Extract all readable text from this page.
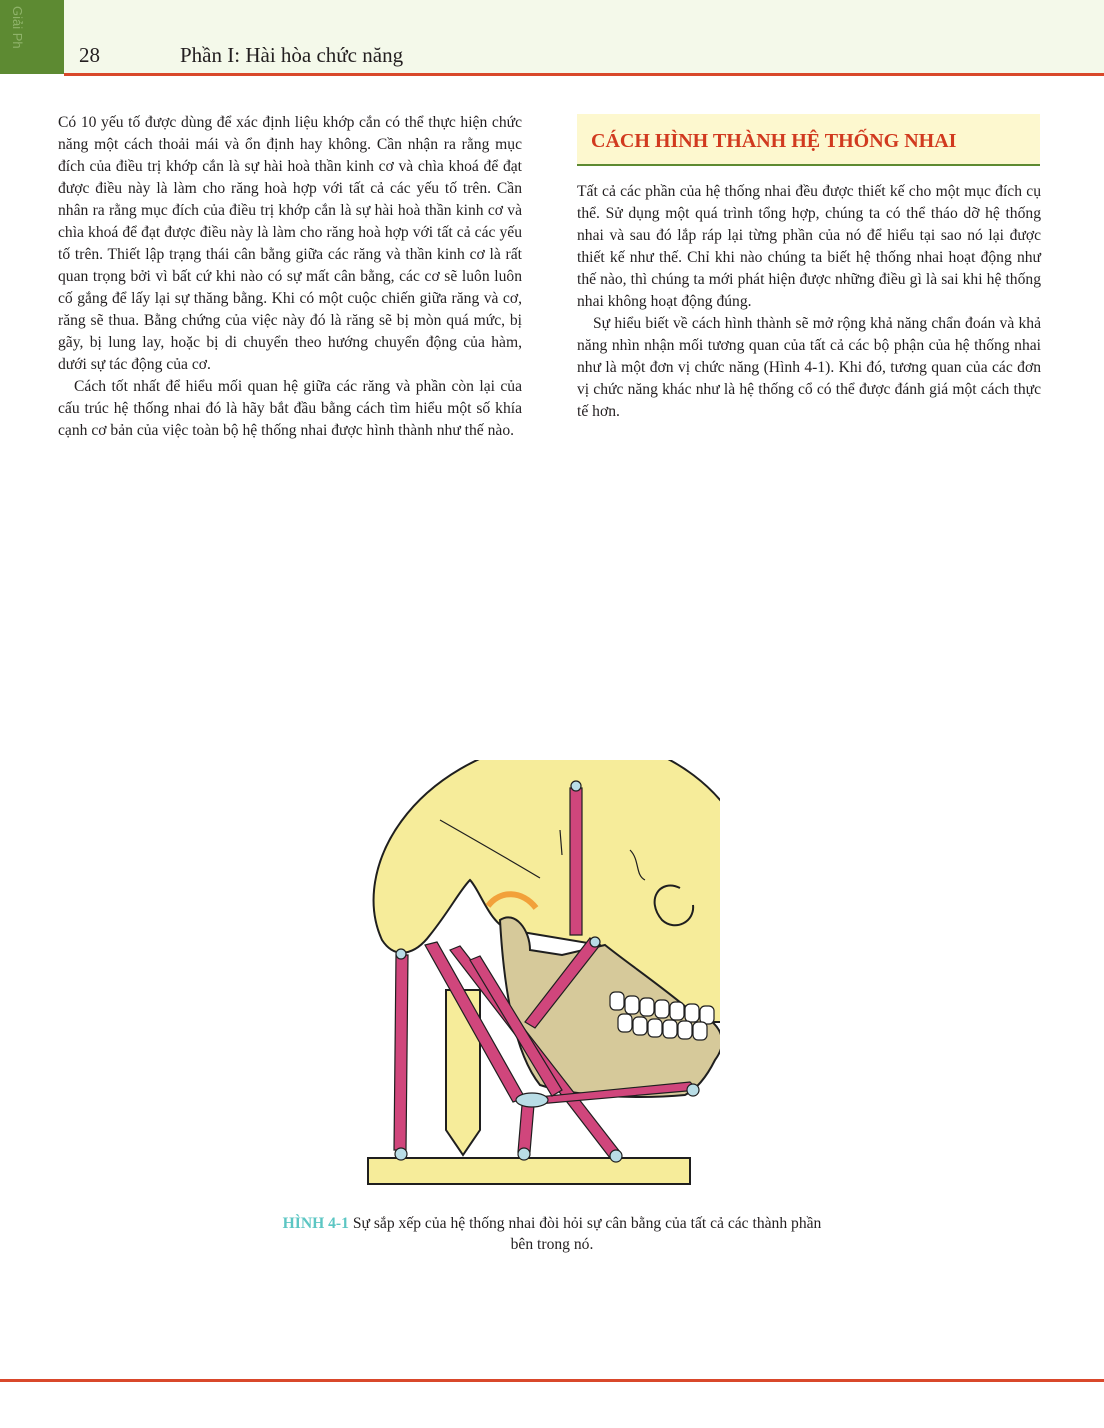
Giải Ph
28	Phần I: Hài hòa chức năng

Có 10 yếu tố được dùng để xác định liệu khớp cắn có thể thực hiện chức năng một cách thoải mái và ổn định hay không. Cần nhận ra rằng mục đích của điều trị khớp cắn là sự hài hoà thần kinh cơ và chìa khoá để đạt được điều này là làm cho răng hoà hợp với tất cả các yếu tố trên. Cần nhân ra rằng mục đích của điều trị khớp cắn là sự hài hoà thần kinh cơ và chìa khoá để đạt được điều này là làm cho răng hoà hợp với tất cả các yếu tố trên. Thiết lập trạng thái cân bằng giữa các răng và thần kinh cơ là rất quan trọng bởi vì bất cứ khi nào có sự mất cân bằng, các cơ sẽ luôn luôn cố gắng để lấy lại sự thăng bằng. Khi có một cuộc chiến giữa răng và cơ, răng sẽ thua. Bằng chứng của việc này đó là răng sẽ bị mòn quá mức, bị gãy, bị lung lay, hoặc bị di chuyển theo hướng chuyển động của hàm, dưới sự tác động của cơ.

Cách tốt nhất để hiểu mối quan hệ giữa các răng và phần còn lại của cấu trúc hệ thống nhai đó là hãy bắt đầu bằng cách tìm hiểu một số khía cạnh cơ bản của việc toàn bộ hệ thống nhai được hình thành như thế nào.

CÁCH HÌNH THÀNH HỆ THỐNG NHAI

Tất cả các phần của hệ thống nhai đều được thiết kế cho một mục đích cụ thể. Sử dụng một quá trình tổng hợp, chúng ta có thể tháo dỡ hệ thống nhai và sau đó lắp ráp lại từng phần của nó để hiểu tại sao nó lại được thiết kế như thế. Chỉ khi nào chúng ta biết hệ thống nhai hoạt động như thế nào, thì chúng ta mới phát hiện được những điều gì là sai khi hệ thống nhai không hoạt động đúng.

Sự hiểu biết về cách hình thành sẽ mở rộng khả năng chẩn đoán và khả năng nhìn nhận mối tương quan của tất cả các bộ phận của hệ thống nhai như là một đơn vị chức năng (Hình 4-1). Khi đó, tương quan của các đơn vị chức năng khác như là hệ thống cổ có thể được đánh giá một cách thực tế hơn.

HÌNH 4-1 Sự sắp xếp của hệ thống nhai đòi hỏi sự cân bằng của tất cả các thành phần bên trong nó.
